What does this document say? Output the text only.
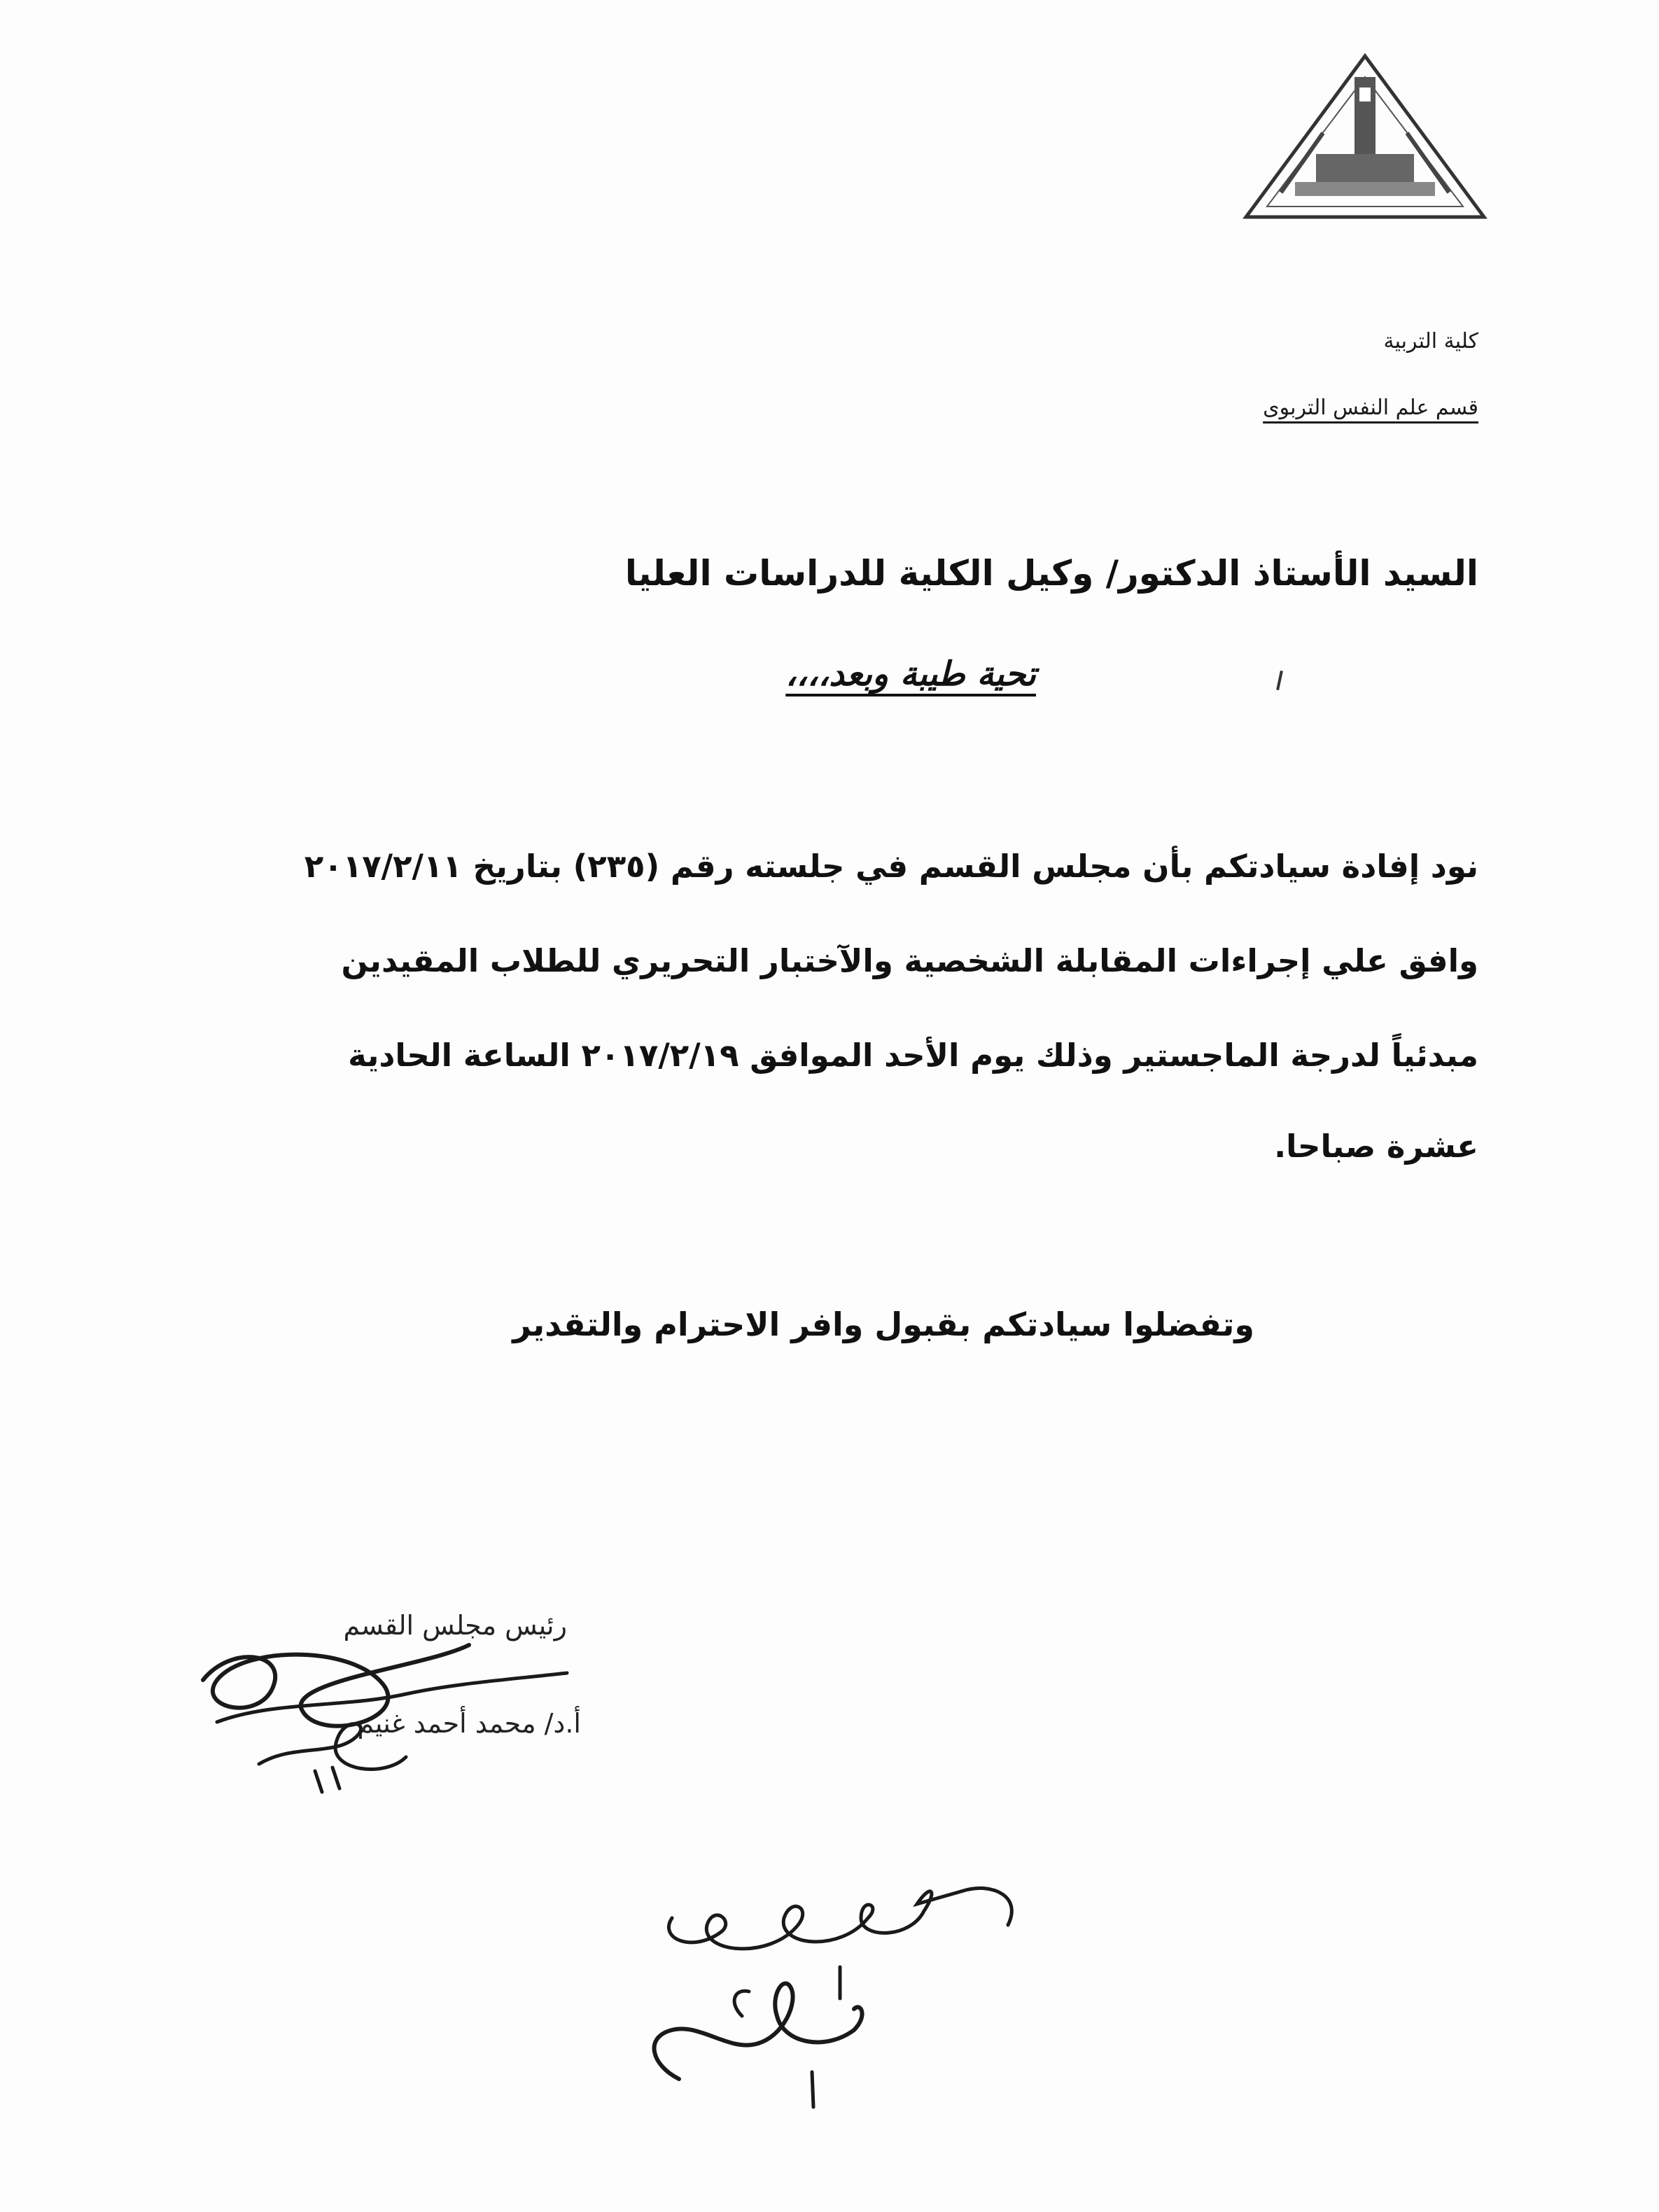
كلية التربية

قسم علم النفس التربوى

السيد الأستاذ الدكتور/ وكيل الكلية للدراسات العليا
تحية طيبة وبعد،،،،
نود إفادة سيادتكم بأن مجلس القسم في جلسته رقم (٢٣٥) بتاريخ ٢٠١٧/٢/١١
وافق علي إجراءات المقابلة الشخصية والآختبار التحريري للطلاب المقيدين
مبدئياً لدرجة الماجستير وذلك يوم الأحد الموافق ٢٠١٧/٢/١٩ الساعة الحادية
عشرة صباحا.
وتفضلوا سيادتكم بقبول وافر الاحترام والتقدير
رئيس مجلس القسم
أ.د/ محمد أحمد غنيم
